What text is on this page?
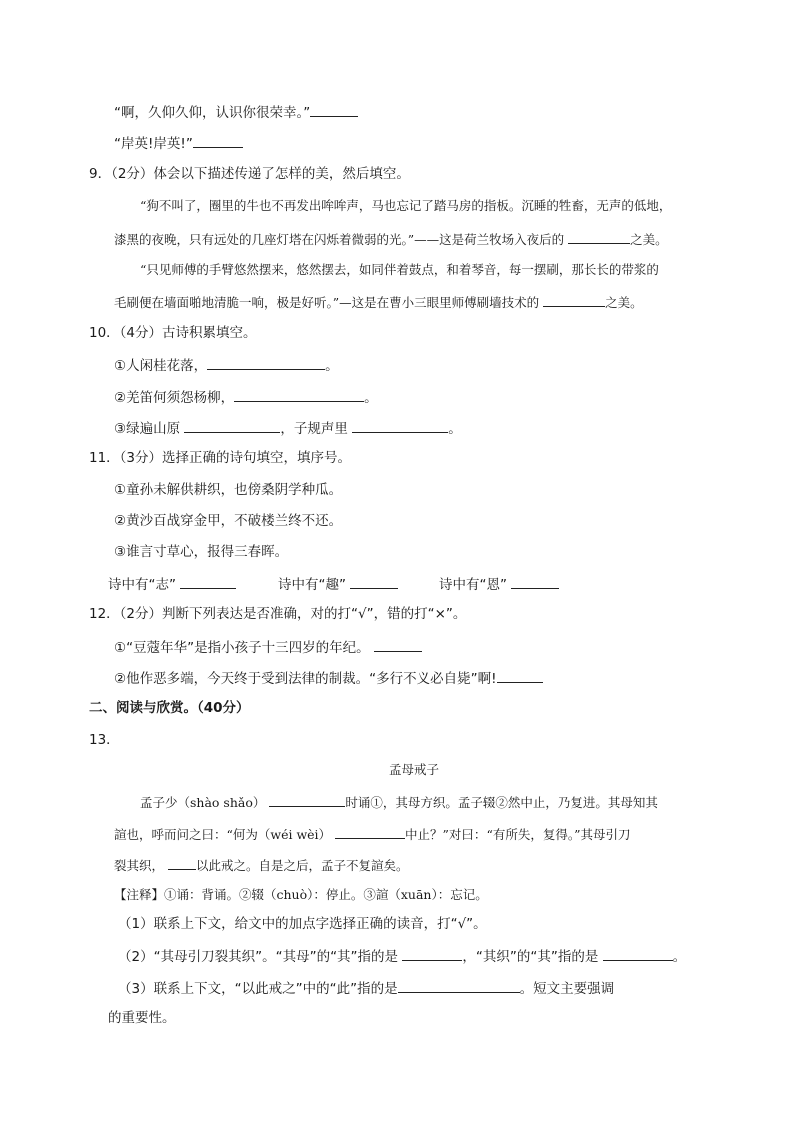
“啊，久仰久仰，认识你很荣幸。”
“岸英!岸英!”
9．（2分）体会以下描述传递了怎样的美，然后填空。
“狗不叫了，圈里的牛也不再发出哞哞声，马也忘记了踏马房的指板。沉睡的牲畜，无声的低地，
漆黑的夜晚，只有远处的几座灯塔在闪烁着微弱的光。”——这是荷兰牧场入夜后的	之美。
“只见师傅的手臂悠然摆来，悠然摆去，如同伴着鼓点，和着琴音，每一摆刷，那长长的带浆的
毛刷便在墙面啪地清脆一响，极是好听。”—这是在曹小三眼里师傅刷墙技术的	之美。
10．（4分）古诗积累填空。
①人闲桂花落，	。
②羌笛何须怨杨柳，	。
③绿遍山原	，子规声里	。
11．（3分）选择正确的诗句填空，填序号。
①童孙未解供耕织，也傍桑阴学种瓜。
②黄沙百战穿金甲，不破楼兰终不还。
③谁言寸草心，报得三春晖。
诗中有“志”	诗中有“趣”	诗中有“恩”
12．（2分）判断下列表达是否准确，对的打“√”，错的打“×”。
①“豆蔻年华”是指小孩子十三四岁的年纪。
②他作恶多端，今天终于受到法律的制裁。“多行不义必自毙”啊!
二、阅读与欣赏。（40分）
13．
孟母戒子
孟子少（shào shǎo）	时诵①，其母方织。孟子辍②然中止，乃复进。其母知其
諠也，呼而问之曰：“何为（wéi wèi）	中止？”对曰：“有所失，复得。”其母引刀
裂其织，	以此戒之。自是之后，孟子不复諠矣。
【注释】①诵：背诵。②辍（chuò）：停止。③諠（xuān）：忘记。
（1）联系上下文，给文中的加点字选择正确的读音，打“√”。
（2）“其母引刀裂其织”。“其母”的“其”指的是	，“其织”的“其”指的是	。
（3）联系上下文，“以此戒之”中的“此”指的是	。短文主要强调
的重要性。
